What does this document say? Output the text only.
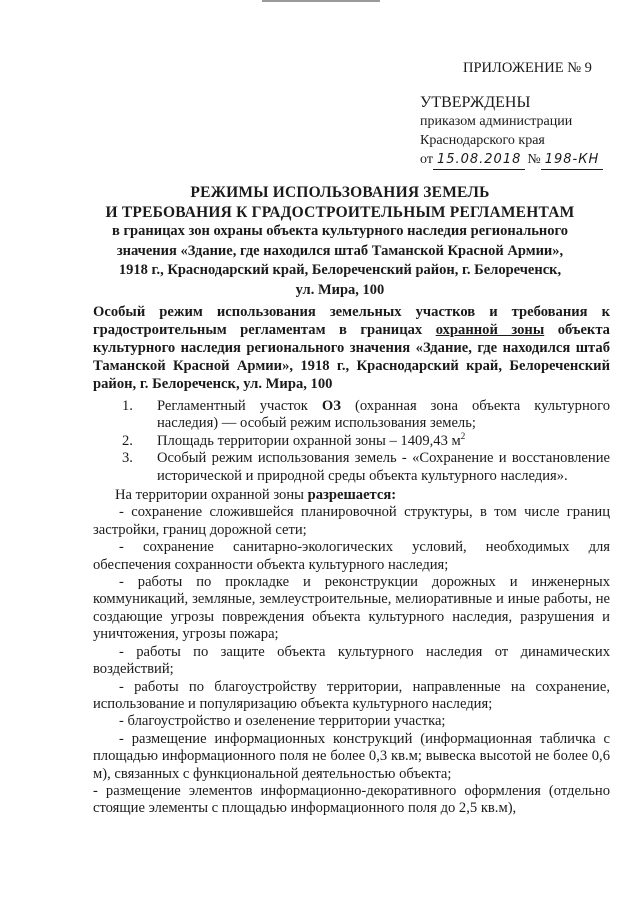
ПРИЛОЖЕНИЕ № 9
УТВЕРЖДЕНЫ
приказом администрации
Краснодарского края
от 15.08.2018 № 198-КН
РЕЖИМЫ ИСПОЛЬЗОВАНИЯ ЗЕМЕЛЬ
И ТРЕБОВАНИЯ К ГРАДОСТРОИТЕЛЬНЫМ РЕГЛАМЕНТАМ
в границах зон охраны объекта культурного наследия регионального
значения «Здание, где находился штаб Таманской Красной Армии»,
1918 г., Краснодарский край, Белореченский район, г. Белореченск,
ул. Мира, 100
Особый режим использования земельных участков и требования к градостроительным регламентам в границах охранной зоны объекта культурного наследия регионального значения «Здание, где находился штаб Таманской Красной Армии», 1918 г., Краснодарский край, Белореченский район, г. Белореченск, ул. Мира, 100
1.	Регламентный участок ОЗ (охранная зона объекта культурного наследия) — особый режим использования земель;
2.	Площадь территории охранной зоны – 1409,43 $м^2$
3.	Особый режим использования земель - «Сохранение и восстановление исторической и природной среды объекта культурного наследия».

На территории охранной зоны разрешается:

- сохранение сложившейся планировочной структуры, в том числе границ застройки, границ дорожной сети;

- сохранение санитарно-экологических условий, необходимых для обеспечения сохранности объекта культурного наследия;

- работы по прокладке и реконструкции дорожных и инженерных коммуникаций, земляные, землеустроительные, мелиоративные и иные работы, не создающие угрозы повреждения объекта культурного наследия, разрушения и уничтожения, угрозы пожара;

- работы по защите объекта культурного наследия от динамических воздействий;

- работы по благоустройству территории, направленные на сохранение, использование и популяризацию объекта культурного наследия;

- благоустройство и озеленение территории участка;

- размещение информационных конструкций (информационная табличка с площадью информационного поля не более 0,3 кв.м; вывеска высотой не более 0,6 м), связанных с функциональной деятельностью объекта;

- размещение элементов информационно-декоративного оформления (отдельно стоящие элементы с площадью информационного поля до 2,5 кв.м),
